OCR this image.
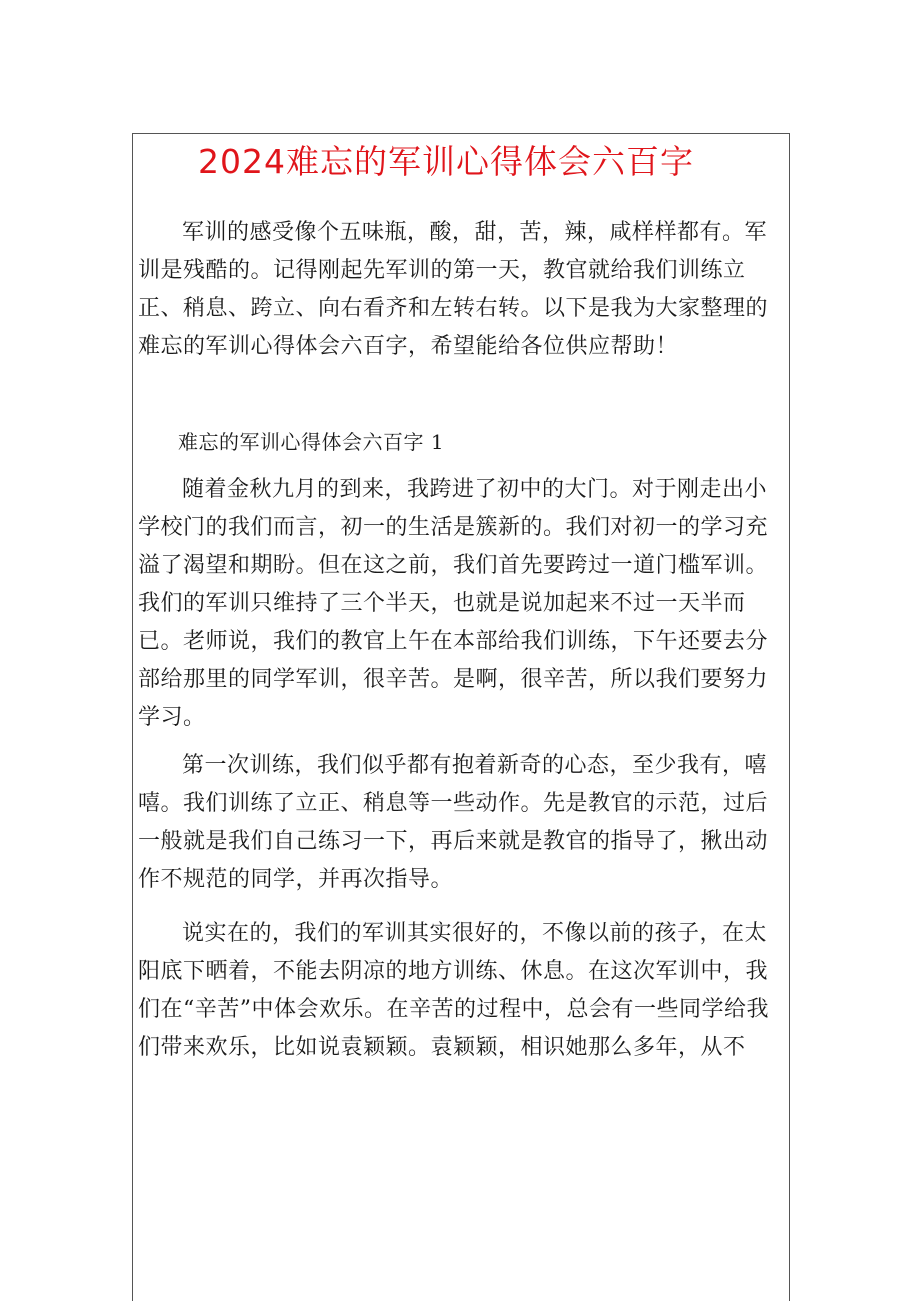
2024难忘的军训心得体会六百字

军训的感受像个五味瓶，酸，甜，苦，辣，咸样样都有。军训是残酷的。记得刚起先军训的第一天，教官就给我们训练立正、稍息、跨立、向右看齐和左转右转。以下是我为大家整理的难忘的军训心得体会六百字，希望能给各位供应帮助！

难忘的军训心得体会六百字 1

随着金秋九月的到来，我跨进了初中的大门。对于刚走出小学校门的我们而言，初一的生活是簇新的。我们对初一的学习充溢了渴望和期盼。但在这之前，我们首先要跨过一道门槛军训。我们的军训只维持了三个半天，也就是说加起来不过一天半而已。老师说，我们的教官上午在本部给我们训练，下午还要去分部给那里的同学军训，很辛苦。是啊，很辛苦，所以我们要努力学习。

第一次训练，我们似乎都有抱着新奇的心态，至少我有，嘻嘻。我们训练了立正、稍息等一些动作。先是教官的示范，过后一般就是我们自己练习一下，再后来就是教官的指导了，揪出动作不规范的同学，并再次指导。

说实在的，我们的军训其实很好的，不像以前的孩子，在太阳底下晒着，不能去阴凉的地方训练、休息。在这次军训中，我们在“辛苦”中体会欢乐。在辛苦的过程中，总会有一些同学给我们带来欢乐，比如说袁颖颖。袁颖颖，相识她那么多年，从不
